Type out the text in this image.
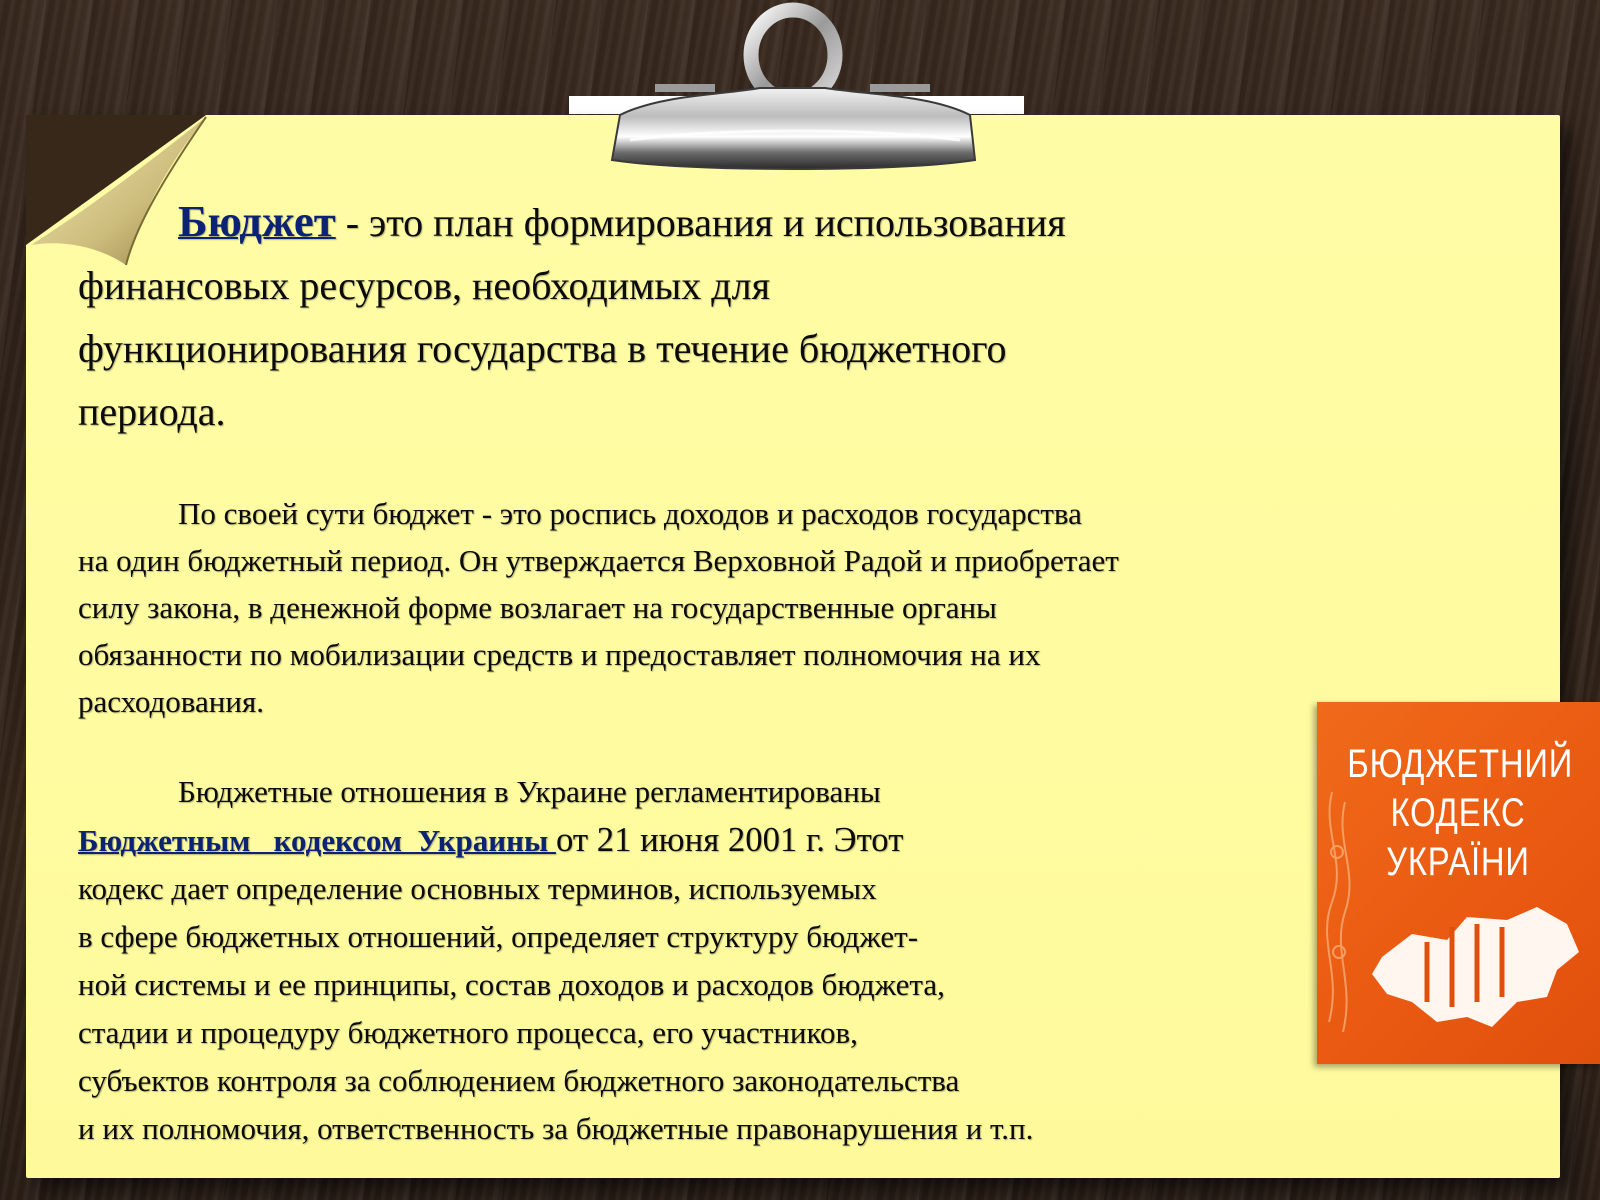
Бюджет - это план формирования и использования
финансовых ресурсов, необходимых для
функционирования государства в течение бюджетного
периода.
По своей сути бюджет - это роспись доходов и расходов государства
на один бюджетный период. Он утверждается Верховной Радой и приобретает
силу закона, в денежной форме возлагает на государственные органы
обязанности по мобилизации средств и предоставляет полномочия на их
расходования.
Бюджетные отношения в Украине регламентированы
Бюджетным   кодексом  Украины от 21 июня 2001 г. Этот
кодекс дает определение основных терминов, используемых
в сфере бюджетных отношений, определяет структуру бюджет-
ной системы и ее принципы, состав доходов и расходов бюджета,
стадии и процедуру бюджетного процесса, его участников,
субъектов контроля за соблюдением бюджетного законодательства
и их полномочия, ответственность за бюджетные правонарушения и т.п.
БЮДЖЕТНИЙ
КОДЕКС
УКРАЇНИ
